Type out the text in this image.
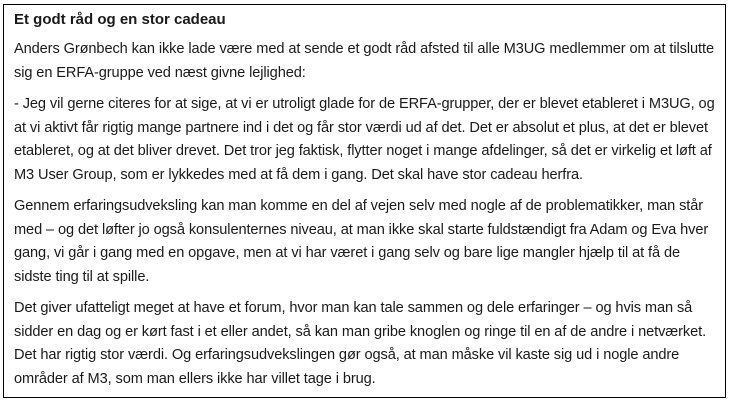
Et godt råd og en stor cadeau

Anders Grønbech kan ikke lade være med at sende et godt råd afsted til alle M3UG medlemmer om at tilslutte sig en ERFA-gruppe ved næst givne lejlighed:

- Jeg vil gerne citeres for at sige, at vi er utroligt glade for de ERFA-grupper, der er blevet etableret i M3UG, og at vi aktivt får rigtig mange partnere ind i det og får stor værdi ud af det. Det er absolut et plus, at det er blevet etableret, og at det bliver drevet. Det tror jeg faktisk, flytter noget i mange afdelinger, så det er virkelig et løft af M3 User Group, som er lykkedes med at få dem i gang. Det skal have stor cadeau herfra.

Gennem erfaringsudveksling kan man komme en del af vejen selv med nogle af de problematikker, man står med – og det løfter jo også konsulenternes niveau, at man ikke skal starte fuldstændigt fra Adam og Eva hver gang, vi går i gang med en opgave, men at vi har været i gang selv og bare lige mangler hjælp til at få de sidste ting til at spille.

Det giver ufatteligt meget at have et forum, hvor man kan tale sammen og dele erfaringer – og hvis man så sidder en dag og er kørt fast i et eller andet, så kan man gribe knoglen og ringe til en af de andre i netværket. Det har rigtig stor værdi. Og erfaringsudvekslingen gør også, at man måske vil kaste sig ud i nogle andre områder af M3, som man ellers ikke har villet tage i brug.
